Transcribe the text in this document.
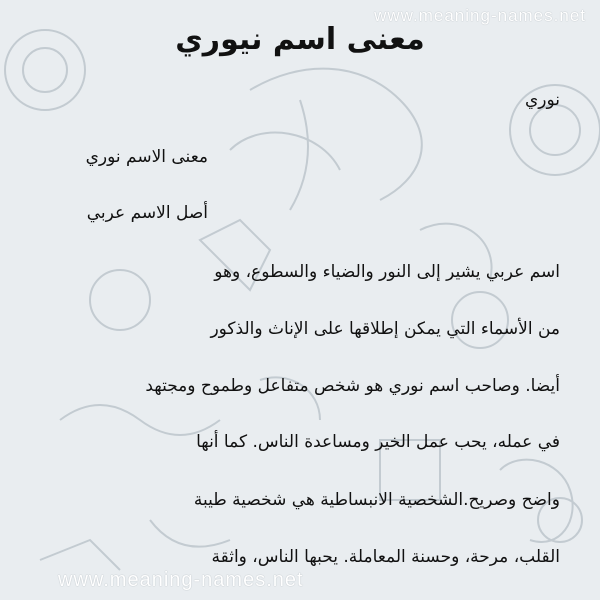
www.meaning-names.net
www.meaning-names.net
معنى اسم نيوري
نوري
معنى الاسم نوري
أصل الاسم عربي
اسم عربي يشير إلى النور والضياء والسطوع، وهو
من الأسماء التي يمكن إطلاقها على الإناث والذكور
أيضا. وصاحب اسم نوري هو شخص متفاعل وطموح ومجتهد
في عمله، يحب عمل الخير ومساعدة الناس. كما أنها
واضح وصريح.الشخصية الانبساطية هي شخصية طيبة
القلب، مرحة، وحسنة المعاملة. يحبها الناس، واثقة
